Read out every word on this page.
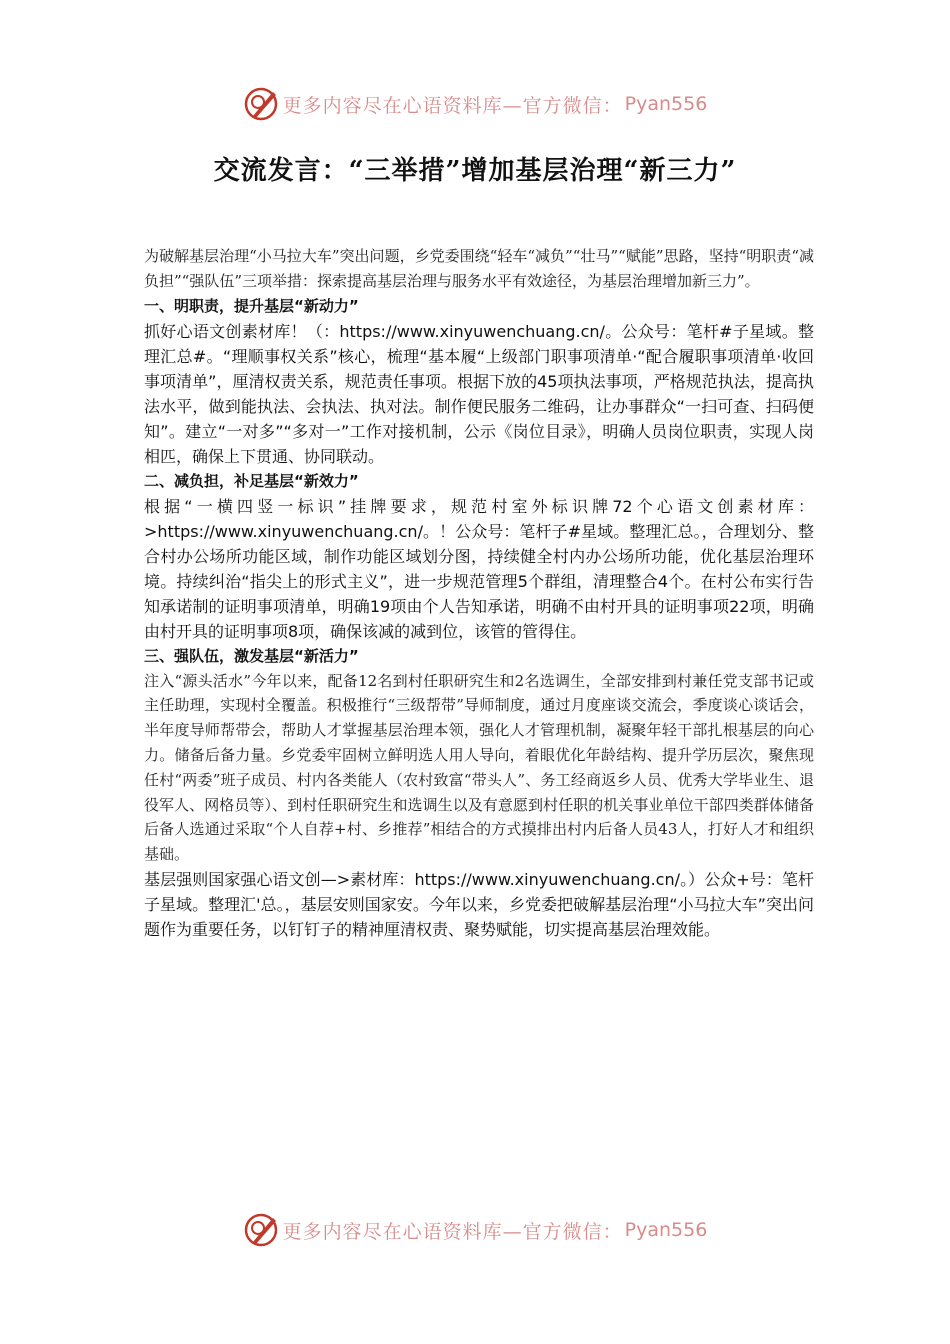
更多内容尽在心语资料库—官方微信： Pyan556
交流发言：“三举措”增加基层治理“新三力”

为破解基层治理“小马拉大车”突出问题，乡党委围绕“轻车“减负”“壮马”“赋能”思路，坚持“明职责“减负担”“强队伍”三项举措：探索提高基层治理与服务水平有效途径，为基层治理增加新三力”。

一、明职责，提升基层“新动力”

抓好心语文创素材库！（：https://www.xinyuwenchuang.cn/。公众号：笔杆#子星域。整理汇总#。“理顺事权关系”核心，梳理“基本履“上级部门职事项清单·“配合履职事项清单·收回事项清单”，厘清权责关系，规范责任事项。根据下放的45项执法事项，严格规范执法，提高执法水平，做到能执法、会执法、执对法。制作便民服务二维码，让办事群众“一扫可查、扫码便知”。建立“一对多”“多对一”工作对接机制，公示《岗位目录》，明确人员岗位职责，实现人岗相匹，确保上下贯通、协同联动。

二、减负担，补足基层“新效力”

根据“一横四竖一标识”挂牌要求，规范村室外标识牌72个心语文创素材库：>https://www.xinyuwenchuang.cn/。！公众号：笔杆子#星域。整理汇总。，合理划分、整合村办公场所功能区域，制作功能区域划分图，持续健全村内办公场所功能，优化基层治理环境。持续纠治“指尖上的形式主义”，进一步规范管理5个群组，清理整合4个。在村公布实行告知承诺制的证明事项清单，明确19项由个人告知承诺，明确不由村开具的证明事项22项，明确由村开具的证明事项8项，确保该减的减到位，该管的管得住。

三、强队伍，激发基层“新活力”

注入“源头活水”今年以来，配备12名到村任职研究生和2名选调生，全部安排到村兼任党支部书记或主任助理，实现村全覆盖。积极推行“三级帮带”导师制度，通过月度座谈交流会，季度谈心谈话会，半年度导师帮带会，帮助人才掌握基层治理本领，强化人才管理机制，凝聚年轻干部扎根基层的向心力。储备后备力量。乡党委牢固树立鲜明选人用人导向，着眼优化年龄结构、提升学历层次，聚焦现任村“两委”班子成员、村内各类能人（农村致富“带头人”、务工经商返乡人员、优秀大学毕业生、退役军人、网格员等）、到村任职研究生和选调生以及有意愿到村任职的机关事业单位干部四类群体储备后备人选通过采取“个人自荐+村、乡推荐”相结合的方式摸排出村内后备人员43人，打好人才和组织基础。

基层强则国家强心语文创—>素材库：https://www.xinyuwenchuang.cn/。）公众+号：笔杆子星域。整理汇'总。，基层安则国家安。今年以来，乡党委把破解基层治理“小马拉大车”突出问题作为重要任务，以钉钉子的精神厘清权责、聚势赋能，切实提高基层治理效能。

更多内容尽在心语资料库—官方微信： Pyan556
